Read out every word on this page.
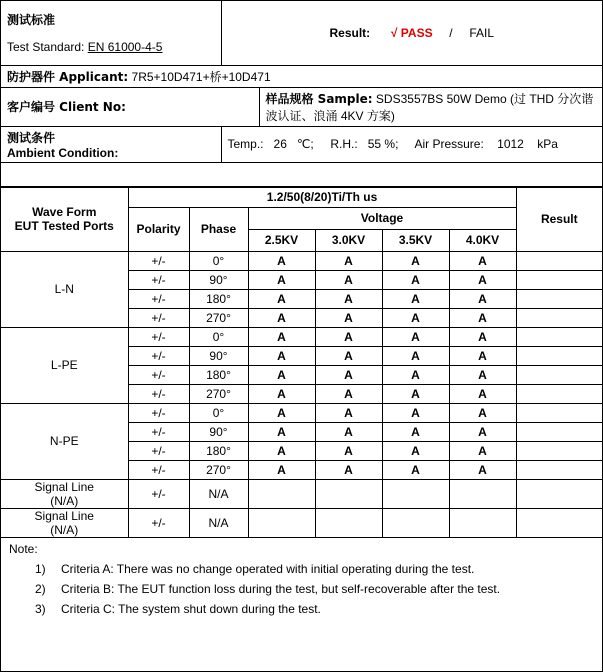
测试标准
Test Standard: EN 61000-4-5	Result: √ PASS / FAIL	
防护器件 Applicant: 7R5+10D471+桥+10D471		
客户编号 Client No:		样品规格 Sample: SDS3557BS 50W Demo (过 THD 分次谐波认证、浪涌 4KV 方案)

测试条件
Ambient Condition:	Temp.: 26 ℃; R.H.: 55 %; Air Pressure: 1012 kPa	

Wave Form
EUT Tested Ports	1.2/50(8/20)Ti/Th us						Result
	Polarity	Phase	Voltage				
			2.5KV	3.0KV	3.5KV	4.0KV	
L-N	+/-	0°	A	A	A	A	
	+/-	90°	A	A	A	A	
	+/-	180°	A	A	A	A	
	+/-	270°	A	A	A	A	
L-PE	+/-	0°	A	A	A	A	
	+/-	90°	A	A	A	A	
	+/-	180°	A	A	A	A	
	+/-	270°	A	A	A	A	
N-PE	+/-	0°	A	A	A	A	
	+/-	90°	A	A	A	A	
	+/-	180°	A	A	A	A	
	+/-	270°	A	A	A	A	

Signal Line
(N/A)	+/-	N/A					

Signal Line
(N/A)	+/-	N/A					
Note:
1)	Criteria A: There was no change operated with initial operating during the test.
2)	Criteria B: The EUT function loss during the test, but self-recoverable after the test.
3)	Criteria C: The system shut down during the test.
